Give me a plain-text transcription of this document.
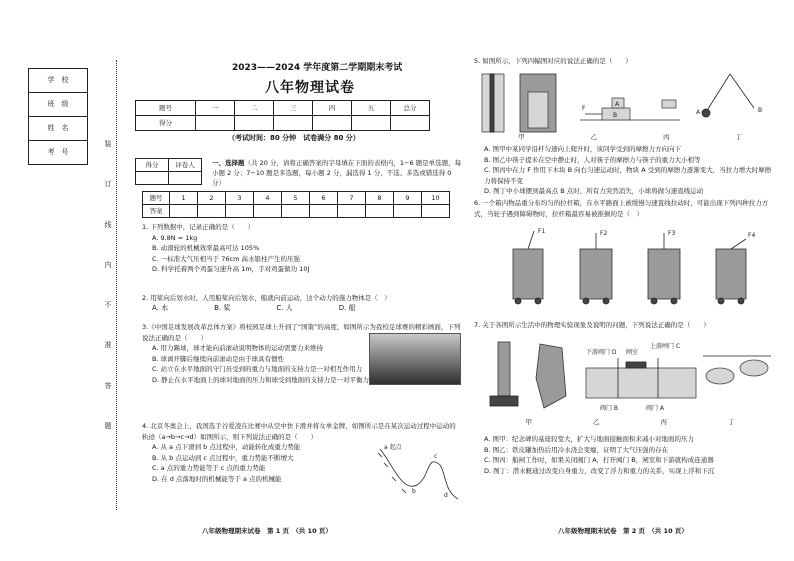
学　校
班　级
姓　名
考　号
装
订
线
内
不
准
答
题
2023——2024 学年度第二学期期末考试
八年物理试卷
题号	一	二	三	四	五	总分
得分						
（考试时间：80 分钟　试卷满分 80 分）
得分	评卷人
		一、选择题（共 20 分，请将正确答案的字母填在下面的表格内，1−6 题是单选题，每小题 2 分；7−10 题是多选题，每小题 2 分，漏选得 1 分，不选、多选或错选得 0 分）
题号	1	2	3	4	5	6	7	8	9	10
答案										
1. 下列数据中，记录正确的是（　　）
A. 9.8N = 1kg
B. 动滑轮的机械效率最高可达 105%
C. 一标准大气压相当于 76cm 高水银柱产生的压强
D. 科学托着两个鸡蛋匀速升高 1m，手对鸡蛋做功 10J
2. 用桨向后划水时，人用船桨向后划水，船就向前运动，这个动力的施力物体是（　）
A. 水	B. 桨	C. 人	D. 船
3.《中国足球发展改革总体方案》将校园足球上升到了“国策”的高度，如图所示为我校足球赛的精彩画面，下列说法正确的是（　　）
A. 用力踢球，球才能向前滚动说明物体的运动需要力来维持
B. 球离开脚后继续向前滚动是由于球具有惯性
C. 站立在水平地面的守门员受到的重力与地面的支持力是一对相互作用力
D. 静止在水平地面上的球对地面的压力和球受到地面的支持力是一对平衡力
4. 北京冬奥会上，我国选手谷爱凌在比赛中从空中快下滑并将女单金牌，如图所示是在某次运动过程中运动的轨迹（a→b→c→d）如图所示，则下列说法正确的是（　　）
A. 从 a 点下滑到 b 点过程中，动能转化成重力势能
B. 从 b 点运动到 c 点过程中，重力势能不断增大
C. a 点的重力势能等于 c 点的重力势能
D. 在 d 点落地时的机械能等于 a 点的机械能
a 起点
b
c
d
八年级物理期末试卷　第 1 页　（共 10 页）
5. 如图所示，下列四幅图对应的说法正确的是（　　）
F
A
B	A	B
甲	乙	丙	丁
A. 图甲中某同学沿杆匀速向上爬升时，该同学受到的摩擦力方向向下
B. 图乙中筷子提米在空中静止时，人对筷子的摩擦力与筷子的重力大小相等
C. 图丙中在力 F 作用下木块 B 向右匀速运动时，物块 A 受到的摩擦力逐渐变大，当拉力增大时摩擦力将保持不变
D. 图丁中小球摆到最高点 B 点时，所有力突然消失，小球将做匀速直线运动
6. 一个箱内物品重分布均匀的拉杆箱，在水平路面上被缓慢匀速直线拉动时，可能出现下列四种拉力方式，当轮子遇到障碍物时，拉杆箱最容易被推倒的是（　）
F1	F2	F3	F4
7. 关于各图所示生活中的物理实验现象及说明的问题，下列说法正确的是（　　）
下游阀门 D 闸室
上游闸门 C
阀门 B	阀门 A
甲	乙	丙	丁
A. 图甲：纪念碑的基座较宽大，扩大与地面接触面积来减小对地面的压力
B. 图乙：铁皮罐加热后用冷水浇会变瘪，证明了大气压强的存在
C. 图丙：船闸工作时，如果关闭阀门 A，打开阀门 B，闸室和下游就构成连通器
D. 图丁：潜水艇通过改变自身重力，改变了浮力和重力的关系，实现上浮和下沉
八年级物理期末试卷　第 2 页　（共 10 页）
